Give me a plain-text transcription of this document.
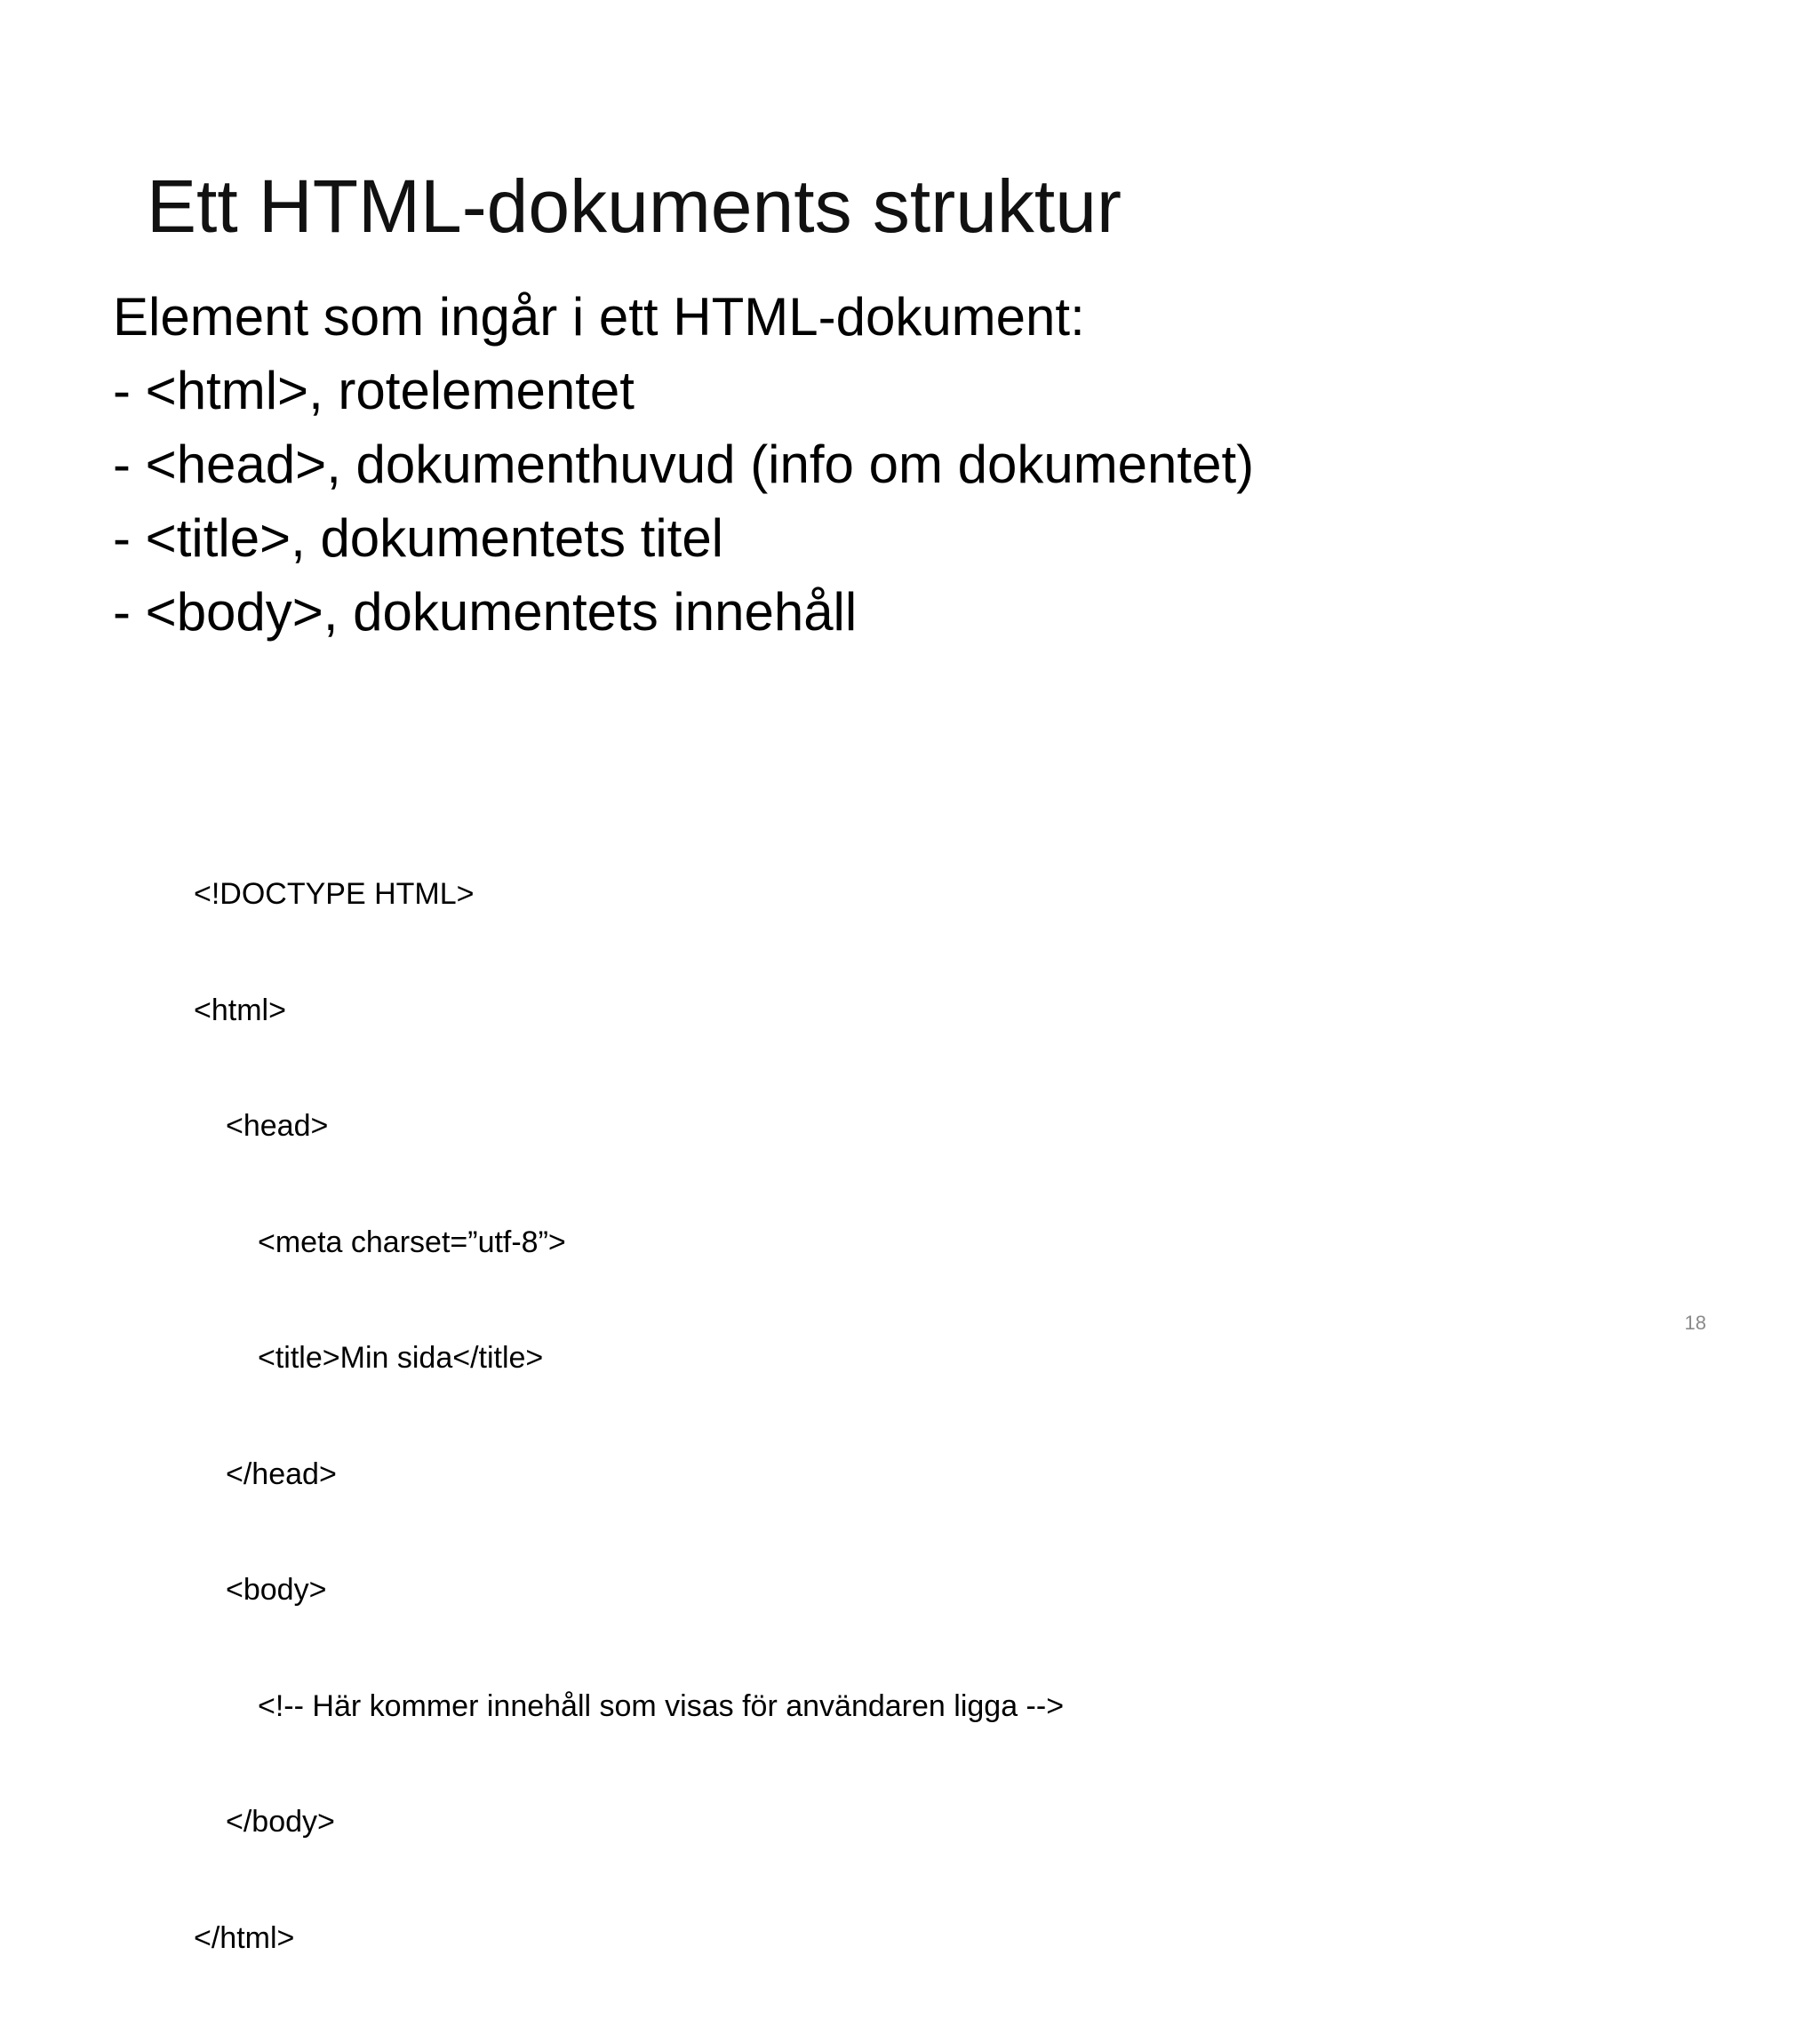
Ett HTML-dokuments struktur

Element som ingår i ett HTML-dokument:

- <html>, rotelementet

- <head>, dokumenthuvud (info om dokumentet)

- <title>, dokumentets titel

- <body>, dokumentets innehåll

<!DOCTYPE HTML>

<html>

<head>

<meta charset=”utf-8”>

<title>Min sida</title>

</head>

<body>

<!-- Här kommer innehåll som visas för användaren ligga -->

</body>

</html>

18
